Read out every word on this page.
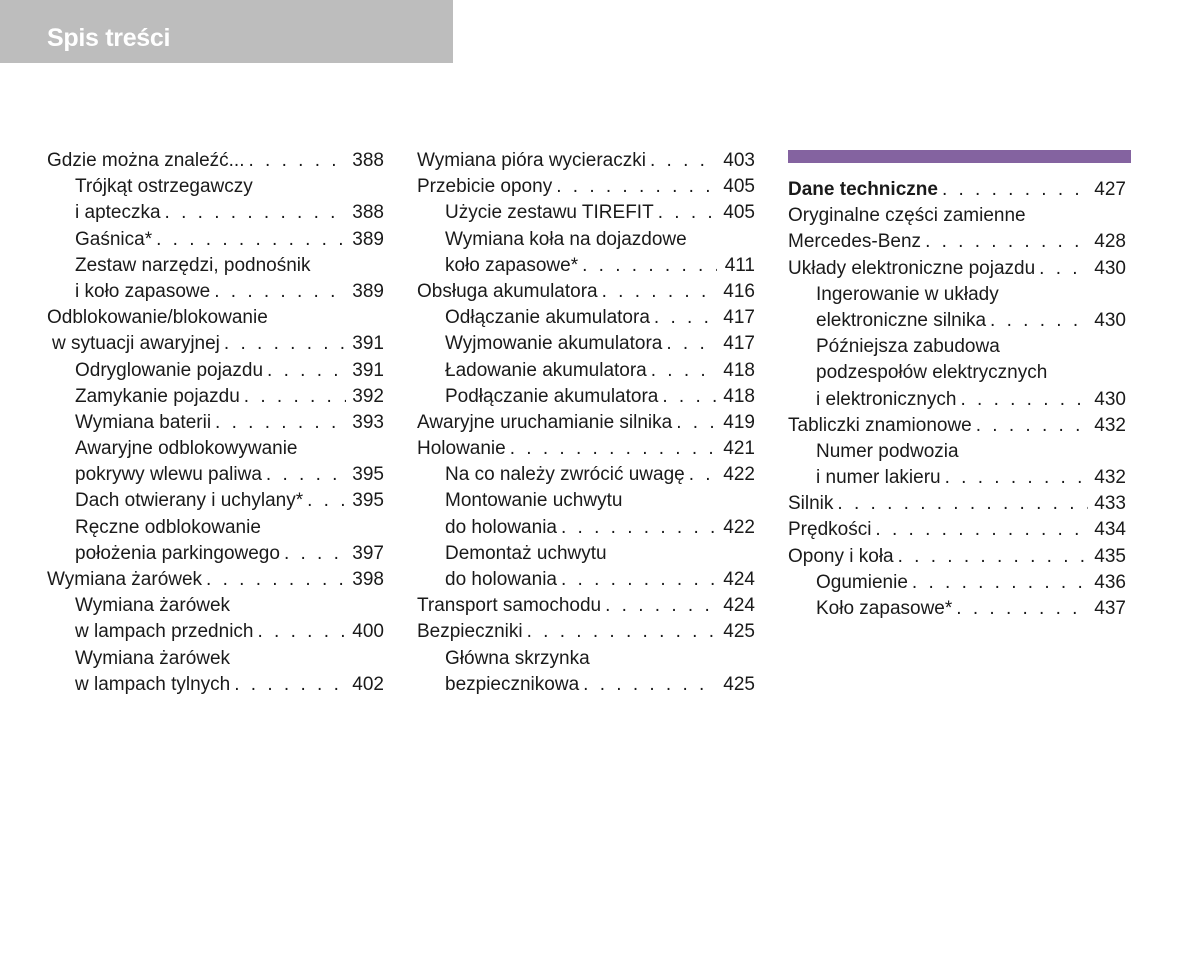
Spis treści
Gdzie można znaleźć... . . .	388
Trójkąt ostrzegawczy
i apteczka . . .	388
Gaśnica* . . .	389
Zestaw narzędzi, podnośnik
i koło zapasowe . . .	389
Odblokowanie/blokowanie
w sytuacji awaryjnej . . .	391
Odryglowanie pojazdu . . .	391
Zamykanie pojazdu . . .	392
Wymiana baterii . . .	393
Awaryjne odblokowywanie
pokrywy wlewu paliwa . . .	395
Dach otwierany i uchylany* . . .	395
Ręczne odblokowanie
położenia parkingowego . . .	397
Wymiana żarówek . . .	398
Wymiana żarówek
w lampach przednich . . .	400
Wymiana żarówek
w lampach tylnych . . .	402
Wymiana pióra wycieraczki . . .	403
Przebicie opony . . .	405
Użycie zestawu TIREFIT . . .	405
Wymiana koła na dojazdowe
koło zapasowe* . . .	411
Obsługa akumulatora . . .	416
Odłączanie akumulatora . . .	417
Wyjmowanie akumulatora . . .	417
Ładowanie akumulatora . . .	418
Podłączanie akumulatora . . .	418
Awaryjne uruchamianie silnika . . .	419
Holowanie . . .	421
Na co należy zwrócić uwagę . . . 422
Montowanie uchwytu
do holowania . . .	422
Demontaż uchwytu
do holowania . . .	424
Transport samochodu . . .	424
Bezpieczniki . . .	425
Główna skrzynka
bezpiecznikowa . . .	425
Dane techniczne . . .	427
Oryginalne części zamienne
Mercedes-Benz . . .	428
Układy elektroniczne pojazdu . . .	430
Ingerowanie w układy
elektroniczne silnika . . .	430
Późniejsza zabudowa
podzespołów elektrycznych
i elektronicznych . . .	430
Tabliczki znamionowe . . .	432
Numer podwozia
i numer lakieru . . .	432
Silnik . . .	433
Prędkości . . .	434
Opony i koła . . .	435
Ogumienie . . .	436
Koło zapasowe* . . .	437
